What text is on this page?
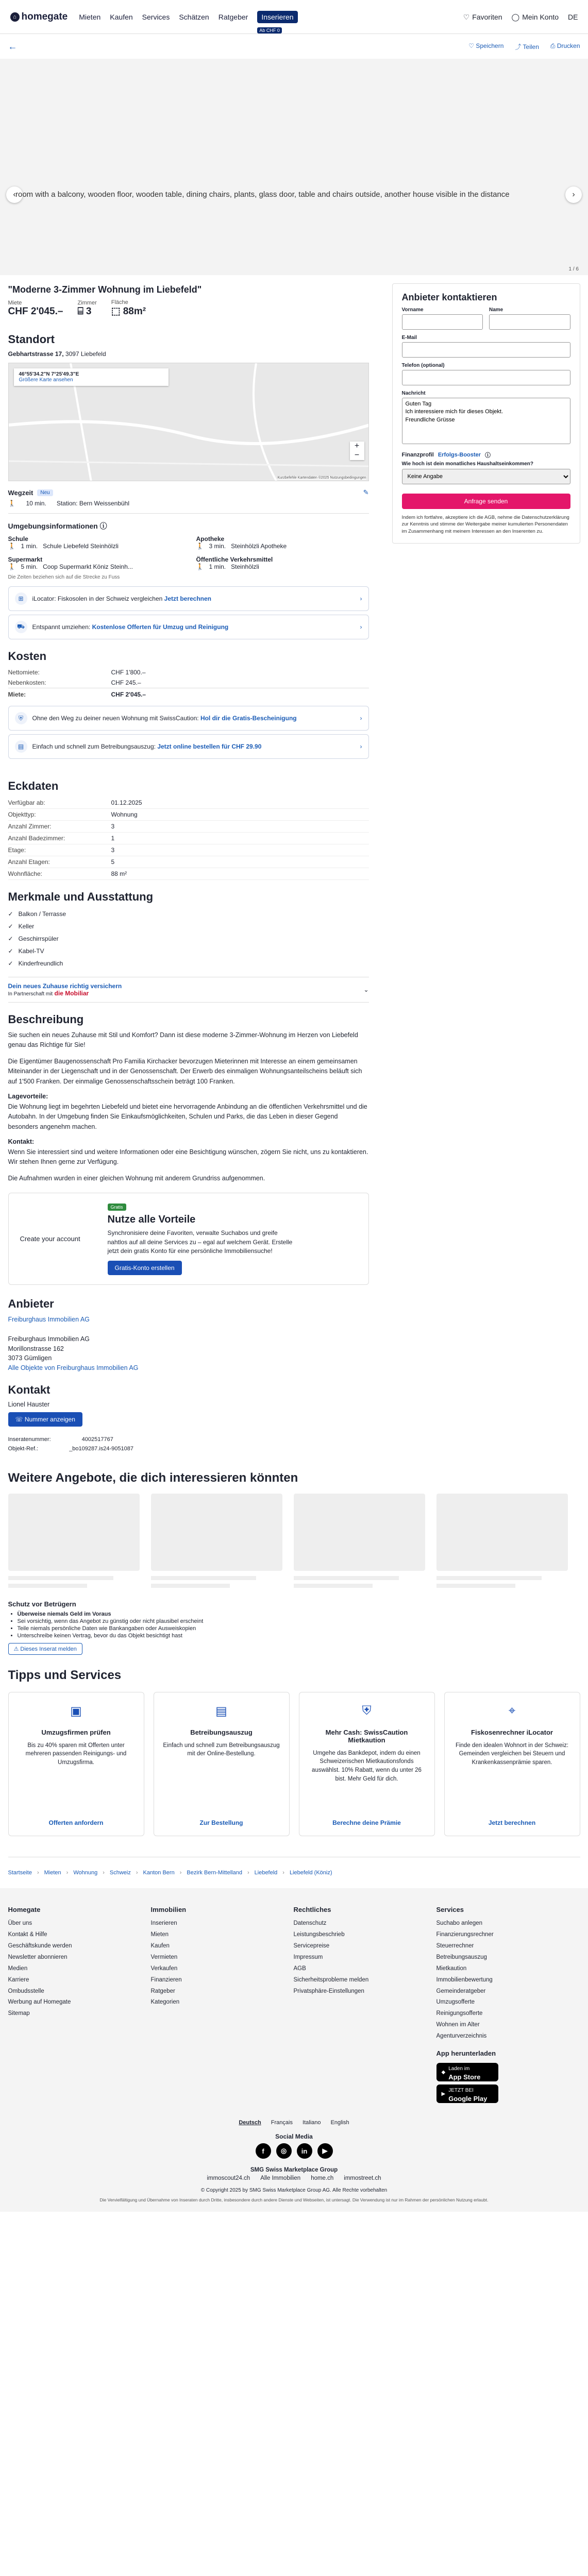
⌂ homegate Mieten Kaufen Services Schätzen Ratgeber	Inserieren
Ab CHF 0
♡ Favoriten ◯ Mein Konto DE
←	♡ Speichern ⤴ Teilen ⎙ Drucken
‹ room with a balcony, wooden floor, wooden table, dining chairs, plants, glass door, table and chairs outside, another house visible in the distance	›
1 / 6
"Moderne 3-Zimmer Wohnung im Liebefeld"
Miete
CHF 2'045.–
Zimmer
⌸ 3
Fläche
⬚ 88m²
Standort
Gebhartstrasse 17, 3097 Liebefeld
46°55'34.2"N 7°25'49.3"E
Größere Karte ansehen
+
−
Kurzbefehle Kartendaten ©2025 Nutzungsbedingungen
Wegzeit	Neu	✎
🚶 10 min. Station: Bern Weissenbühl
Umgebungsinformationen ⓘ
Schule
🚶 1 min. Schule Liebefeld Steinhölzli
Apotheke
🚶 3 min. Steinhölzli Apotheke
Supermarkt
🚶 5 min. Coop Supermarkt Köniz Steinh...
Öffentliche Verkehrsmittel
🚶 1 min. Steinhölzli
Die Zeiten beziehen sich auf die Strecke zu Fuss
⊞	iLocator: Fiskosolen in der Schweiz vergleichen Jetzt berechnen	›
⛟	Entspannt umziehen: Kostenlose Offerten für Umzug und Reinigung	›
Kosten
Nettomiete:	CHF 1'800.–
Nebenkosten:	CHF 245.–
Miete:	CHF 2'045.–
⛨	Ohne den Weg zu deiner neuen Wohnung mit SwissCaution: Hol dir die Gratis-Bescheinigung	›
▤	Einfach und schnell zum Betreibungsauszug: Jetzt online bestellen für CHF 29.90	›
Eckdaten
Verfügbar ab:	01.12.2025
Objekttyp:	Wohnung
Anzahl Zimmer:	3
Anzahl Badezimmer:	1
Etage:	3
Anzahl Etagen:	5
Wohnfläche:	88 m²
Merkmale und Ausstattung
✓ Balkon / Terrasse
✓ Keller
✓ Geschirrspüler
✓ Kabel-TV
✓ Kinderfreundlich
Dein neues Zuhause richtig versichern
In Partnerschaft mit die Mobiliar	⌄
Beschreibung

Sie suchen ein neues Zuhause mit Stil und Komfort? Dann ist diese moderne 3-Zimmer-Wohnung im Herzen von Liebefeld genau das Richtige für Sie!

Die Eigentümer Baugenossenschaft Pro Familia Kirchacker bevorzugen Mieterinnen mit Interesse an einem gemeinsamen Miteinander in der Liegenschaft und in der Genossenschaft. Der Erwerb des einmaligen Wohnungsanteilscheins beläuft sich auf 1'500 Franken. Der einmalige Genossenschaftsschein beträgt 100 Franken.

Lagevorteile:

Die Wohnung liegt im begehrten Liebefeld und bietet eine hervorragende Anbindung an die öffentlichen Verkehrsmittel und die Autobahn. In der Umgebung finden Sie Einkaufsmöglichkeiten, Schulen und Parks, die das Leben in dieser Gegend besonders angenehm machen.

Kontakt:

Wenn Sie interessiert sind und weitere Informationen oder eine Besichtigung wünschen, zögern Sie nicht, uns zu kontaktieren. Wir stehen Ihnen gerne zur Verfügung.

Die Aufnahmen wurden in einer gleichen Wohnung mit anderem Grundriss aufgenommen.

Create your account
Gratis
Nutze alle Vorteile

Synchronisiere deine Favoriten, verwalte Suchabos und greife nahtlos auf all deine Services zu – egal auf welchem Gerät. Erstelle jetzt dein gratis Konto für eine persönliche Immobiliensuche!

Gratis-Konto erstellen
Anbieter
Freiburghaus Immobilien AG

Freiburghaus Immobilien AG
Morillonstrasse 162
3073 Gümligen
Alle Objekte von Freiburghaus Immobilien AG
Kontakt
Lionel Hauster
☏ Nummer anzeigen
Inseratenummer:	4002517767
Objekt-Ref.:	_bo109287.is24-9051087
Anbieter kontaktieren
Vorname	Name
E-Mail
Telefon (optional)
Nachricht
Guten Tag Ich interessiere mich für dieses Objekt. Freundliche Grüsse
Finanzprofil Erfolgs-Booster ⓘ
Wie hoch ist dein monatliches Haushaltseinkommen?
Keine Angabe
Anfrage senden
Indem ich fortfahre, akzeptiere ich die AGB, nehme die Datenschutzerklärung zur Kenntnis und stimme der Weitergabe meiner kumulierten Personendaten im Zusammenhang mit meinem Interessen an den Inserenten zu.
Weitere Angebote, die dich interessieren könnten
Schutz vor Betrügern
• Überweise niemals Geld im Voraus
• Sei vorsichtig, wenn das Angebot zu günstig oder nicht plausibel erscheint
• Teile niemals persönliche Daten wie Bankangaben oder Ausweiskopien
• Unterschreibe keinen Vertrag, bevor du das Objekt besichtigt hast
⚠ Dieses Inserat melden
Tipps und Services
▣
Umzugsfirmen prüfen

Bis zu 40% sparen mit Offerten unter mehreren passenden Reinigungs- und Umzugsfirma.

Offerten anfordern
▤
Betreibungsauszug

Einfach und schnell zum Betreibungsauszug mit der Online-Bestellung.

Zur Bestellung
⛨
Mehr Cash: SwissCaution Mietkaution

Umgehe das Bankdepot, indem du einen Schweizerischen Mietkautionsfonds auswählst. 10% Rabatt, wenn du unter 26 bist. Mehr Geld für dich.

Berechne deine Prämie
⌖
Fiskosenrechner iLocator

Finde den idealen Wohnort in der Schweiz: Gemeinden vergleichen bei Steuern und Krankenkassenprämie sparen.

Jetzt berechnen
Startseite › Mieten › Wohnung › Schweiz › Kanton Bern › Bezirk Bern-Mittelland › Liebefeld › Liebefeld (Köniz)
Homegate
Über uns
Kontakt & Hilfe
Geschäftskunde werden
Newsletter abonnieren
Medien
Karriere
Ombudsstelle
Werbung auf Homegate
Sitemap
Immobilien
Inserieren
Mieten
Kaufen
Vermieten
Verkaufen
Finanzieren
Ratgeber
Kategorien
Rechtliches
Datenschutz
Leistungsbeschrieb
Servicepreise
Impressum
AGB
Sicherheitsprobleme melden
Privatsphäre-Einstellungen
Services
Suchabo anlegen
Finanzierungsrechner
Steuerrechner
Betreibungsauszug
Mietkaution
Immobilienbewertung
Gemeinderatgeber
Umzugsofferte
Reinigungsofferte
Wohnen im Alter
Agenturverzeichnis
App herunterladen
◆
Laden im
App Store
▶
JETZT BEI
Google Play
Deutsch Français Italiano English
Social Media
f	◎	in	▶
SMG Swiss Marketplace Group
immoscout24.ch Alle Immobilien home.ch immostreet.ch
© Copyright 2025 by SMG Swiss Marketplace Group AG. Alle Rechte vorbehalten
Die Vervielfältigung und Übernahme von Inseraten durch Dritte, insbesondere durch andere Dienste und Webseiten, ist untersagt. Die Verwendung ist nur im Rahmen der persönlichen Nutzung erlaubt.
